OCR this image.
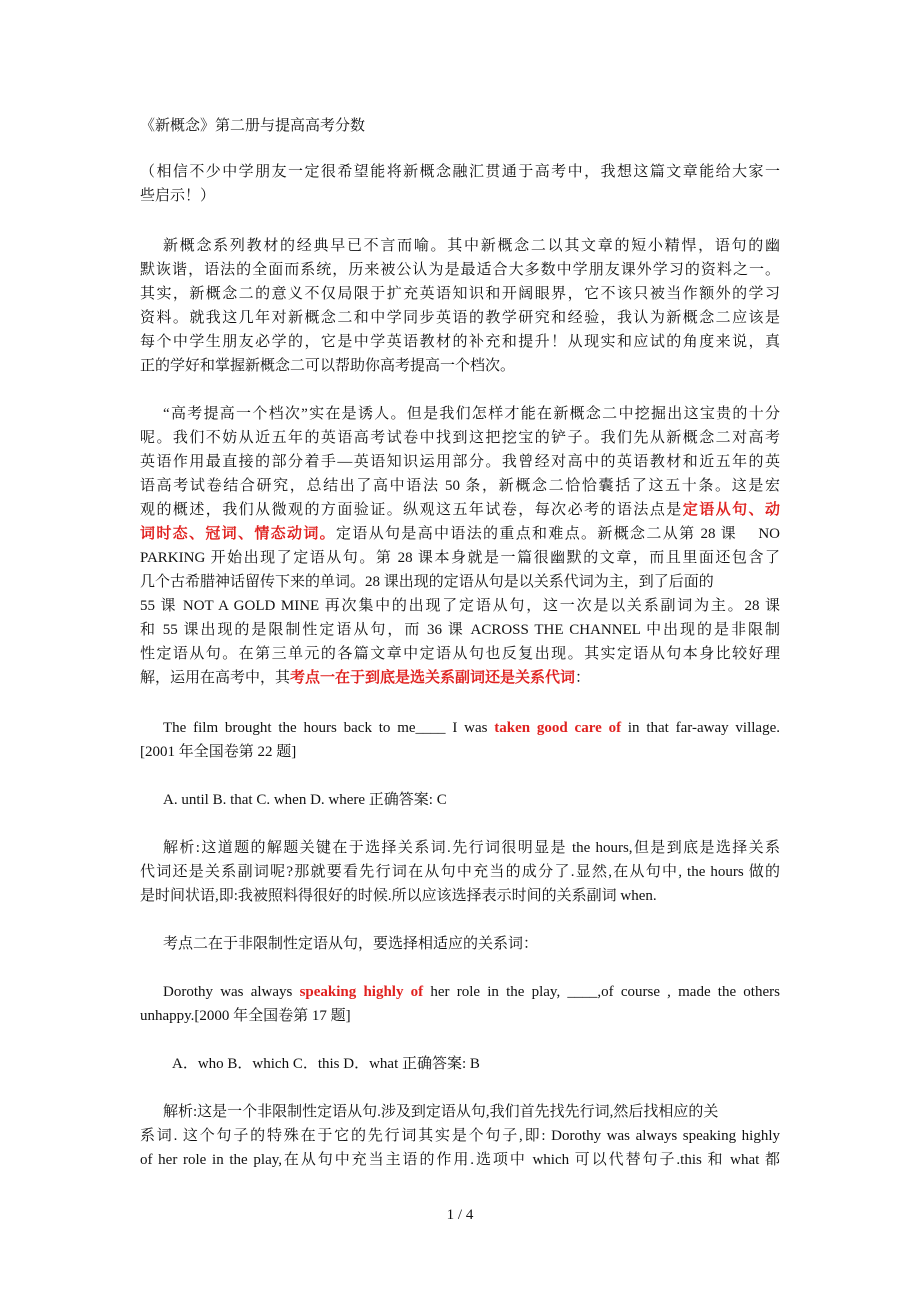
《新概念》第二册与提高高考分数
（相信不少中学朋友一定很希望能将新概念融汇贯通于高考中，我想这篇文章能给大家一
些启示！）
新概念系列教材的经典早已不言而喻。其中新概念二以其文章的短小精悍，语句的幽
默诙谐，语法的全面而系统，历来被公认为是最适合大多数中学朋友课外学习的资料之一。
其实，新概念二的意义不仅局限于扩充英语知识和开阔眼界，它不该只被当作额外的学习
资料。就我这几年对新概念二和中学同步英语的教学研究和经验，我认为新概念二应该是
每个中学生朋友必学的，它是中学英语教材的补充和提升！从现实和应试的角度来说，真
正的学好和掌握新概念二可以帮助你高考提高一个档次。
“高考提高一个档次”实在是诱人。但是我们怎样才能在新概念二中挖掘出这宝贵的十分
呢。我们不妨从近五年的英语高考试卷中找到这把挖宝的铲子。我们先从新概念二对高考
英语作用最直接的部分着手—英语知识运用部分。我曾经对高中的英语教材和近五年的英
语高考试卷结合研究，总结出了高中语法 50 条，新概念二恰恰囊括了这五十条。这是宏
观的概述，我们从微观的方面验证。纵观这五年试卷，每次必考的语法点是定语从句、动
词时态、冠词、情态动词。定语从句是高中语法的重点和难点。新概念二从第 28 课　 NO
PARKING 开始出现了定语从句。第 28 课本身就是一篇很幽默的文章，而且里面还包含了
几个古希腊神话留传下来的单词。28 课出现的定语从句是以关系代词为主，到了后面的
55 课 NOT A GOLD MINE 再次集中的出现了定语从句，这一次是以关系副词为主。28 课
和 55 课出现的是限制性定语从句，而 36 课 ACROSS THE CHANNEL 中出现的是非限制
性定语从句。在第三单元的各篇文章中定语从句也反复出现。其实定语从句本身比较好理
解，运用在高考中，其考点一在于到底是选关系副词还是关系代词：
The film brought the hours back to me____ I was taken good care of in that far-away village.
[2001 年全国卷第 22 题]
A. until B. that C. when D. where 正确答案: C
解析:这道题的解题关键在于选择关系词.先行词很明显是 the hours,但是到底是选择关系
代词还是关系副词呢?那就要看先行词在从句中充当的成分了.显然,在从句中, the hours 做的
是时间状语,即:我被照料得很好的时候.所以应该选择表示时间的关系副词 when.
考点二在于非限制性定语从句，要选择相适应的关系词：
Dorothy was always speaking highly of her role in the play, ____,of course , made the others
unhappy.[2000 年全国卷第 17 题]
A．who B．which C．this D．what 正确答案: B
解析:这是一个非限制性定语从句.涉及到定语从句,我们首先找先行词,然后找相应的关
系词. 这个句子的特殊在于它的先行词其实是个句子,即: Dorothy was always speaking highly
of her role in the play,在从句中充当主语的作用.选项中 which 可以代替句子.this 和 what 都
1 / 4
